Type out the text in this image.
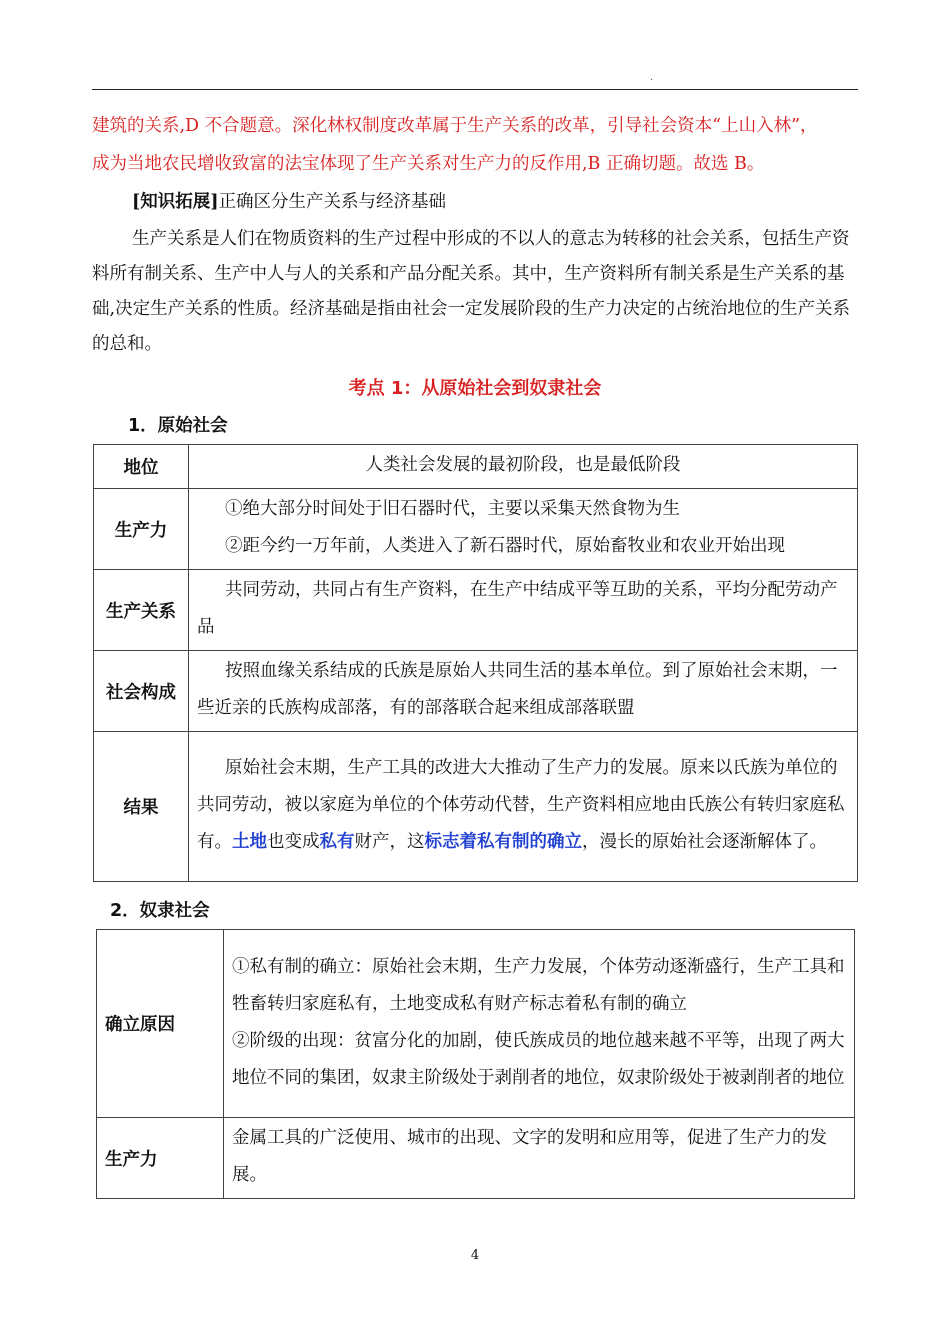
.
建筑的关系,D 不合题意。深化林权制度改革属于生产关系的改革，引导社会资本“上山入林”，
成为当地农民增收致富的法宝体现了生产关系对生产力的反作用,B 正确切题。故选 B。
[知识拓展]正确区分生产关系与经济基础
生产关系是人们在物质资料的生产过程中形成的不以人的意志为转移的社会关系，包括生产资料所有制关系、生产中人与人的关系和产品分配关系。其中，生产资料所有制关系是生产关系的基础,决定生产关系的性质。经济基础是指由社会一定发展阶段的生产力决定的占统治地位的生产关系的总和。
考点 1：从原始社会到奴隶社会
1．原始社会
地位	人类社会发展的最初阶段，也是最低阶段
生产力	①绝大部分时间处于旧石器时代，主要以采集天然食物为生
②距今约一万年前，人类进入了新石器时代，原始畜牧业和农业开始出现

生产关系	共同劳动，共同占有生产资料，在生产中结成平等互助的关系，平均分配劳动产品
社会构成	按照血缘关系结成的氏族是原始人共同生活的基本单位。到了原始社会末期，一些近亲的氏族构成部落，有的部落联合起来组成部落联盟
结果	原始社会末期，生产工具的改进大大推动了生产力的发展。原来以氏族为单位的共同劳动，被以家庭为单位的个体劳动代替，生产资料相应地由氏族公有转归家庭私有。土地也变成私有财产，这标志着私有制的确立，漫长的原始社会逐渐解体了。
2．奴隶社会
确立原因	①私有制的确立：原始社会末期，生产力发展，个体劳动逐渐盛行，生产工具和牲畜转归家庭私有，土地变成私有财产标志着私有制的确立
②阶级的出现：贫富分化的加剧，使氏族成员的地位越来越不平等，出现了两大地位不同的集团，奴隶主阶级处于剥削者的地位，奴隶阶级处于被剥削者的地位

生产力	金属工具的广泛使用、城市的出现、文字的发明和应用等，促进了生产力的发展。
4
